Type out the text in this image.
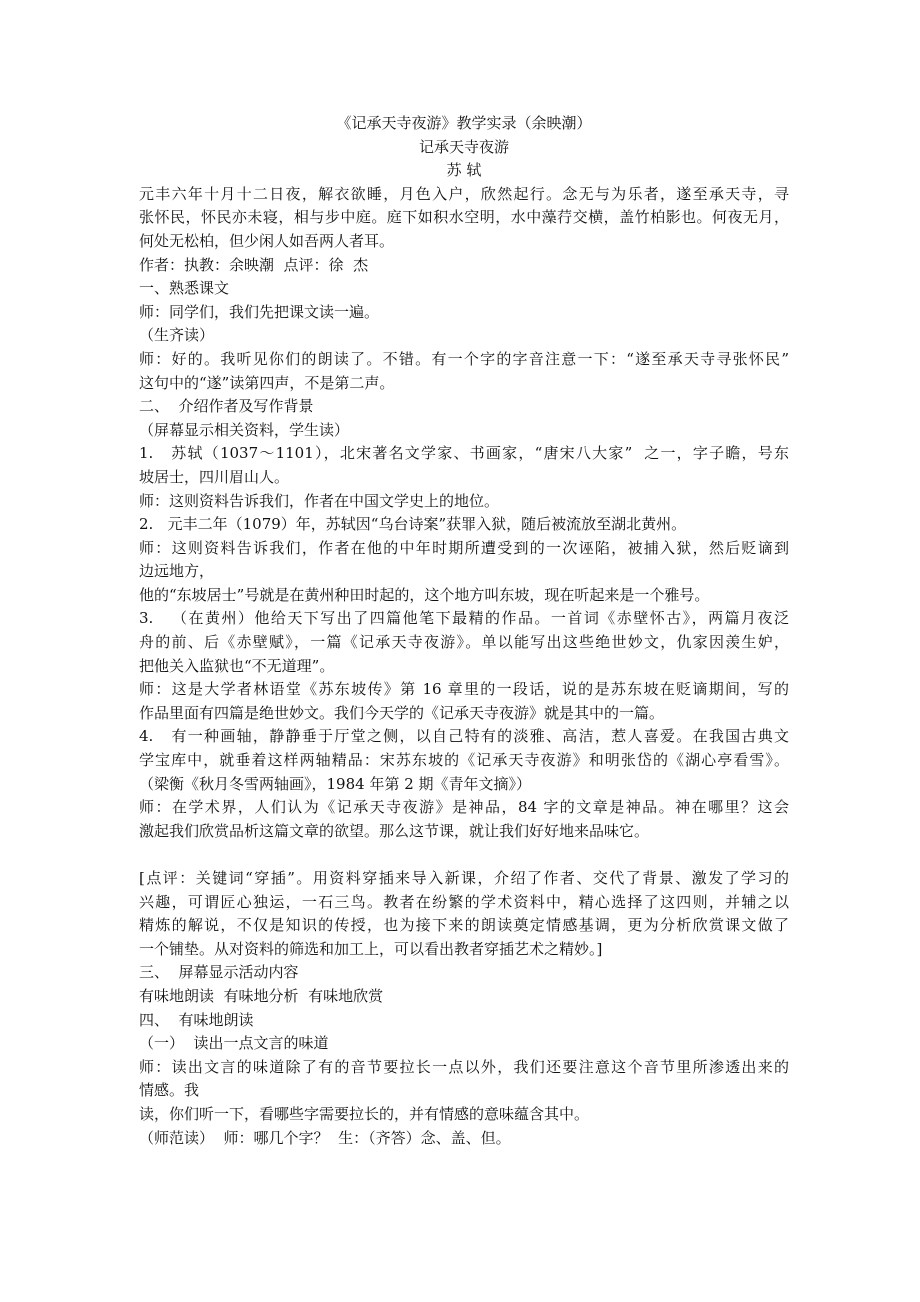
《记承天寺夜游》教学实录（余映潮）

记承天寺夜游

苏 轼

元丰六年十月十二日夜，解衣欲睡，月色入户，欣然起行。念无与为乐者，遂至承天寺，寻

张怀民，怀民亦未寝，相与步中庭。庭下如积水空明，水中藻荇交横，盖竹柏影也。何夜无月，

何处无松柏，但少闲人如吾两人者耳。

作者：执教：余映潮  点评：徐  杰

一、熟悉课文

师：同学们，我们先把课文读一遍。

（生齐读）

师：好的。我听见你们的朗读了。不错。有一个字的字音注意一下：“遂至承天寺寻张怀民”

这句中的“遂”读第四声，不是第二声。

二、  介绍作者及写作背景

（屏幕显示相关资料，学生读）

1.   苏轼（1037～1101），北宋著名文学家、书画家，“唐宋八大家”  之一，字子瞻，号东

坡居士，四川眉山人。

师：这则资料告诉我们，作者在中国文学史上的地位。

2.   元丰二年（1079）年，苏轼因“乌台诗案”获罪入狱，随后被流放至湖北黄州。

师：这则资料告诉我们，作者在他的中年时期所遭受到的一次诬陷，被捕入狱，然后贬谪到

边远地方，

他的“东坡居士”号就是在黄州种田时起的，这个地方叫东坡，现在听起来是一个雅号。

3.   （在黄州）他给天下写出了四篇他笔下最精的作品。一首词《赤壁怀古》，两篇月夜泛

舟的前、后《赤壁赋》，一篇《记承天寺夜游》。单以能写出这些绝世妙文，仇家因羡生妒，

把他关入监狱也“不无道理”。

师：这是大学者林语堂《苏东坡传》第 16 章里的一段话，说的是苏东坡在贬谪期间，写的

作品里面有四篇是绝世妙文。我们今天学的《记承天寺夜游》就是其中的一篇。

4.   有一种画轴，静静垂于厅堂之侧，以自己特有的淡雅、高洁，惹人喜爱。在我国古典文

学宝库中，就垂着这样两轴精品：宋苏东坡的《记承天寺夜游》和明张岱的《湖心亭看雪》。

（梁衡《秋月冬雪两轴画》，1984 年第 2 期《青年文摘》）

师：在学术界，人们认为《记承天寺夜游》是神品，84 字的文章是神品。神在哪里？这会

激起我们欣赏品析这篇文章的欲望。那么这节课，就让我们好好地来品味它。

[点评：关键词“穿插”。用资料穿插来导入新课，介绍了作者、交代了背景、激发了学习的

兴趣，可谓匠心独运，一石三鸟。教者在纷繁的学术资料中，精心选择了这四则，并辅之以

精炼的解说，不仅是知识的传授，也为接下来的朗读奠定情感基调，更为分析欣赏课文做了

一个铺垫。从对资料的筛选和加工上，可以看出教者穿插艺术之精妙。]

三、  屏幕显示活动内容

有味地朗读  有味地分析  有味地欣赏

四、  有味地朗读

（一）  读出一点文言的味道

师：读出文言的味道除了有的音节要拉长一点以外，我们还要注意这个音节里所渗透出来的

情感。我

读，你们听一下，看哪些字需要拉长的，并有情感的意味蕴含其中。

（师范读）  师：哪几个字？  生：（齐答）念、盖、但。
